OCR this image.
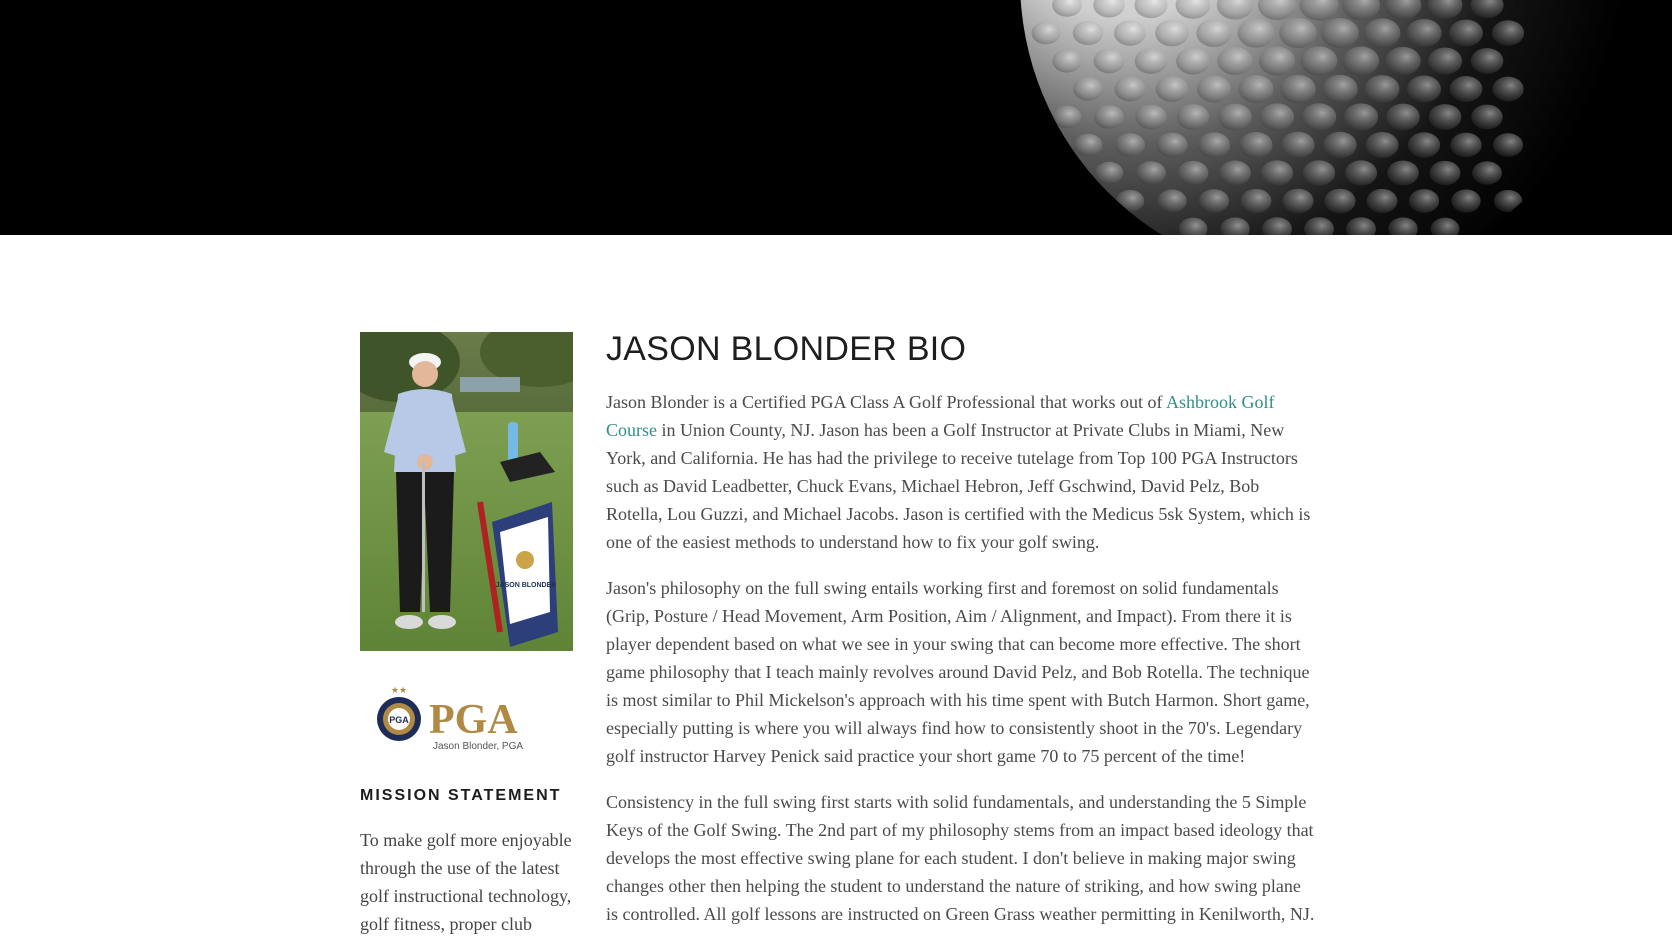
JASON BLONDER
★★
PGA PGA
Jason Blonder, PGA
MISSION STATEMENT
To make golf more enjoyable through the use of the latest golf instructional technology, golf fitness, proper club
JASON BLONDER BIO

Jason Blonder is a Certified PGA Class A Golf Professional that works out of Ashbrook Golf Course in Union County, NJ. Jason has been a Golf Instructor at Private Clubs in Miami, New York, and California. He has had the privilege to receive tutelage from Top 100 PGA Instructors such as David Leadbetter, Chuck Evans, Michael Hebron, Jeff Gschwind, David Pelz, Bob Rotella, Lou Guzzi, and Michael Jacobs. Jason is certified with the Medicus 5sk System, which is one of the easiest methods to understand how to fix your golf swing.

Jason's philosophy on the full swing entails working first and foremost on solid fundamentals (Grip, Posture / Head Movement, Arm Position, Aim / Alignment, and Impact). From there it is player dependent based on what we see in your swing that can become more effective. The short game philosophy that I teach mainly revolves around David Pelz, and Bob Rotella. The technique is most similar to Phil Mickelson's approach with his time spent with Butch Harmon. Short game, especially putting is where you will always find how to consistently shoot in the 70's. Legendary golf instructor Harvey Penick said practice your short game 70 to 75 percent of the time!

Consistency in the full swing first starts with solid fundamentals, and understanding the 5 Simple Keys of the Golf Swing. The 2nd part of my philosophy stems from an impact based ideology that develops the most effective swing plane for each student. I don't believe in making major swing changes other then helping the student to understand the nature of striking, and how swing plane is controlled. All golf lessons are instructed on Green Grass weather permitting in Kenilworth, NJ.
